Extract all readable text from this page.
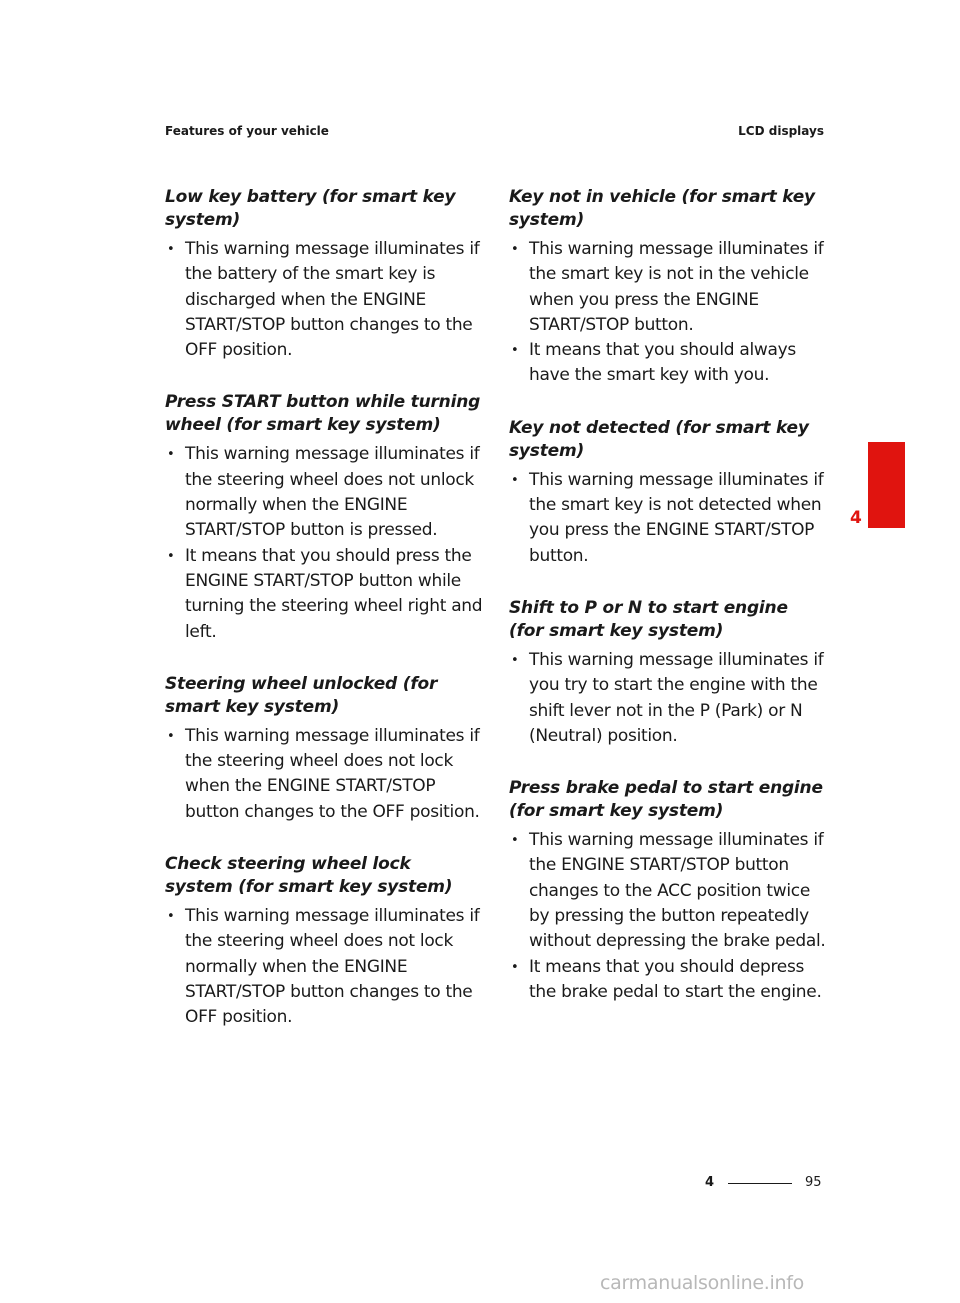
Features of your vehicle	LCD displays
Low key battery (for smart key system)
• This warning message illuminates if the battery of the smart key is discharged when the ENGINE START/STOP button changes to the OFF position.
Press START button while turning wheel (for smart key system)
• This warning message illuminates if the steering wheel does not unlock normally when the ENGINE START/STOP button is pressed.
• It means that you should press the ENGINE START/STOP button while turning the steering wheel right and left.
Steering wheel unlocked (for smart key system)
• This warning message illuminates if the steering wheel does not lock when the ENGINE START/STOP button changes to the OFF position.
Check steering wheel lock system (for smart key system)
• This warning message illuminates if the steering wheel does not lock normally when the ENGINE START/STOP button changes to the OFF position.
Key not in vehicle (for smart key system)
• This warning message illuminates if the smart key is not in the vehicle when you press the ENGINE START/STOP button.
• It means that you should always have the smart key with you.
Key not detected (for smart key system)
• This warning message illuminates if the smart key is not detected when you press the ENGINE START/STOP button.
Shift to P or N to start engine (for smart key system)
• This warning message illuminates if you try to start the engine with the shift lever not in the P (Park) or N (Neutral) position.
Press brake pedal to start engine (for smart key system)
• This warning message illuminates if the ENGINE START/STOP button changes to the ACC position twice by pressing the button repeatedly without depressing the brake pedal.
• It means that you should depress the brake pedal to start the engine.
4
4	95
carmanualsonline.info
